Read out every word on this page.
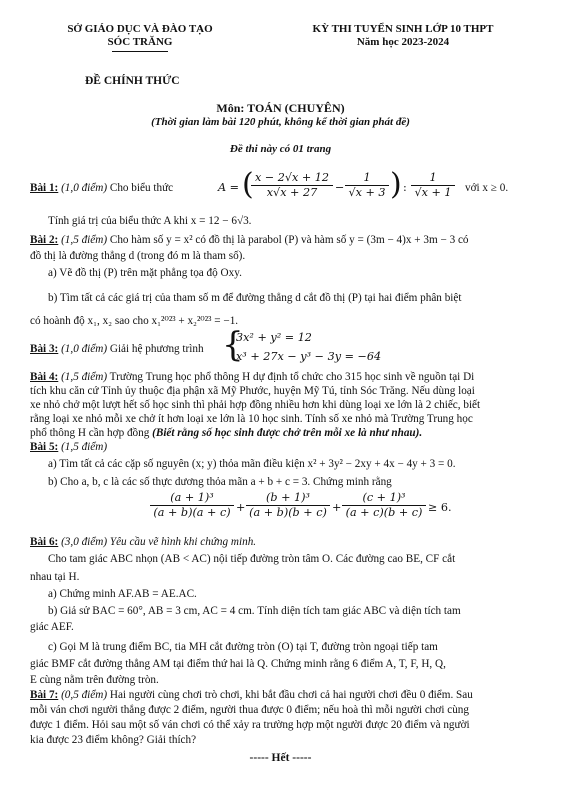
SỞ GIÁO DỤC VÀ ĐÀO TẠO
SÓC TRĂNG
KỲ THI TUYỂN SINH LỚP 10 THPT
Năm học 2023-2024
ĐỀ CHÍNH THỨC
Môn: TOÁN (CHUYÊN)
(Thời gian làm bài 120 phút, không kể thời gian phát đề)
Đề thi này có 01 trang
Bài 1: (1,0 điểm) Cho biểu thức	A = (
$\frac{x - 2√x + 12}{x√x + 27} - \frac{1}{√x + 3}$ ) : $\frac{1}{√x + 1}$ với x ≥ 0.
Tính giá trị của biểu thức A khi x = 12 − 6√3.
Bài 2: (1,5 điểm) Cho hàm số y = x² có đồ thị là parabol (P) và hàm số y = (3m − 4)x + 3m − 3 có
đồ thị là đường thẳng d (trong đó m là tham số).
a) Vẽ đồ thị (P) trên mặt phẳng tọa độ Oxy.
b) Tìm tất cả các giá trị của tham số m để đường thẳng d cắt đồ thị (P) tại hai điểm phân biệt
có hoành độ x₁, x₂ sao cho x₁²⁰²³ + x₂²⁰²³ = −1.
Bài 3: (1,0 điểm) Giải hệ phương trình {
3x² + y² = 12
x³ + 27x − y³ − 3y = −64
Bài 4: (1,5 điểm) Trường Trung học phổ thông H dự định tổ chức cho 315 học sinh về nguồn tại Di
tích khu căn cứ Tỉnh ủy thuộc địa phận xã Mỹ Phước, huyện Mỹ Tú, tỉnh Sóc Trăng. Nếu dùng loại
xe nhỏ chở một lượt hết số học sinh thì phải hợp đồng nhiều hơn khi dùng loại xe lớn là 2 chiếc, biết
rằng loại xe nhỏ mỗi xe chở ít hơn loại xe lớn là 10 học sinh. Tính số xe nhỏ mà Trường Trung học
phổ thông H cần hợp đồng (Biết rằng số học sinh được chở trên mỗi xe là như nhau).
Bài 5: (1,5 điểm)
a) Tìm tất cả các cặp số nguyên (x; y) thỏa mãn điều kiện x² + 3y² − 2xy + 4x − 4y + 3 = 0.
b) Cho a, b, c là các số thực dương thỏa mãn a + b + c = 3. Chứng minh rằng
$\frac{\text{(a + 1)³}}{(a + b)(a + c)} + \frac{\text{(b + 1)³}}{(a + b)(b + c)} + \frac{\text{(c + 1)³}}{(a + c)(b + c)} \ge 6$.
Bài 6: (3,0 điểm) Yêu cầu vẽ hình khi chứng minh.
Cho tam giác ABC nhọn (AB < AC) nội tiếp đường tròn tâm O. Các đường cao BE, CF cắt
nhau tại H.
a) Chứng minh AF.AB = AE.AC.
b) Giả sử BAC = 60°, AB = 3 cm, AC = 4 cm. Tính diện tích tam giác ABC và diện tích tam
giác AEF.
c) Gọi M là trung điểm BC, tia MH cắt đường tròn (O) tại T, đường tròn ngoại tiếp tam
giác BMF cắt đường thẳng AM tại điểm thứ hai là Q. Chứng minh rằng 6 điểm A, T, F, H, Q,
E cùng nằm trên đường tròn.
Bài 7: (0,5 điểm) Hai người cùng chơi trò chơi, khi bắt đầu chơi cả hai người chơi đều 0 điểm. Sau
mỗi ván chơi người thắng được 2 điểm, người thua được 0 điểm; nếu hoà thì mỗi người chơi cùng
được 1 điểm. Hỏi sau một số ván chơi có thể xảy ra trường hợp một người được 20 điểm và người
kia được 23 điểm không? Giải thích?
----- Hết -----
